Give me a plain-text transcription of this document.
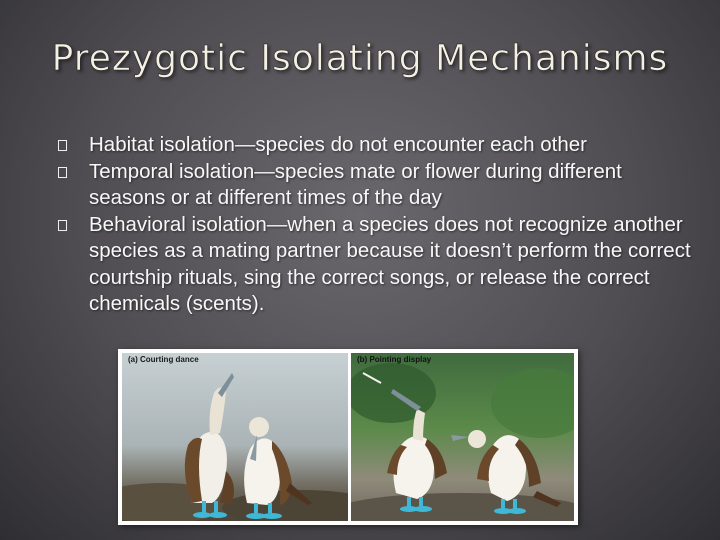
Prezygotic Isolating Mechanisms
Habitat isolation—species do not encounter each other
Temporal isolation—species mate or flower during different seasons or at different times of the day
Behavioral isolation—when a species does not recognize another species as a mating partner because it doesn’t perform the correct courtship rituals, sing the correct songs, or release the correct chemicals (scents).
(a) Courting dance	(b) Pointing display
